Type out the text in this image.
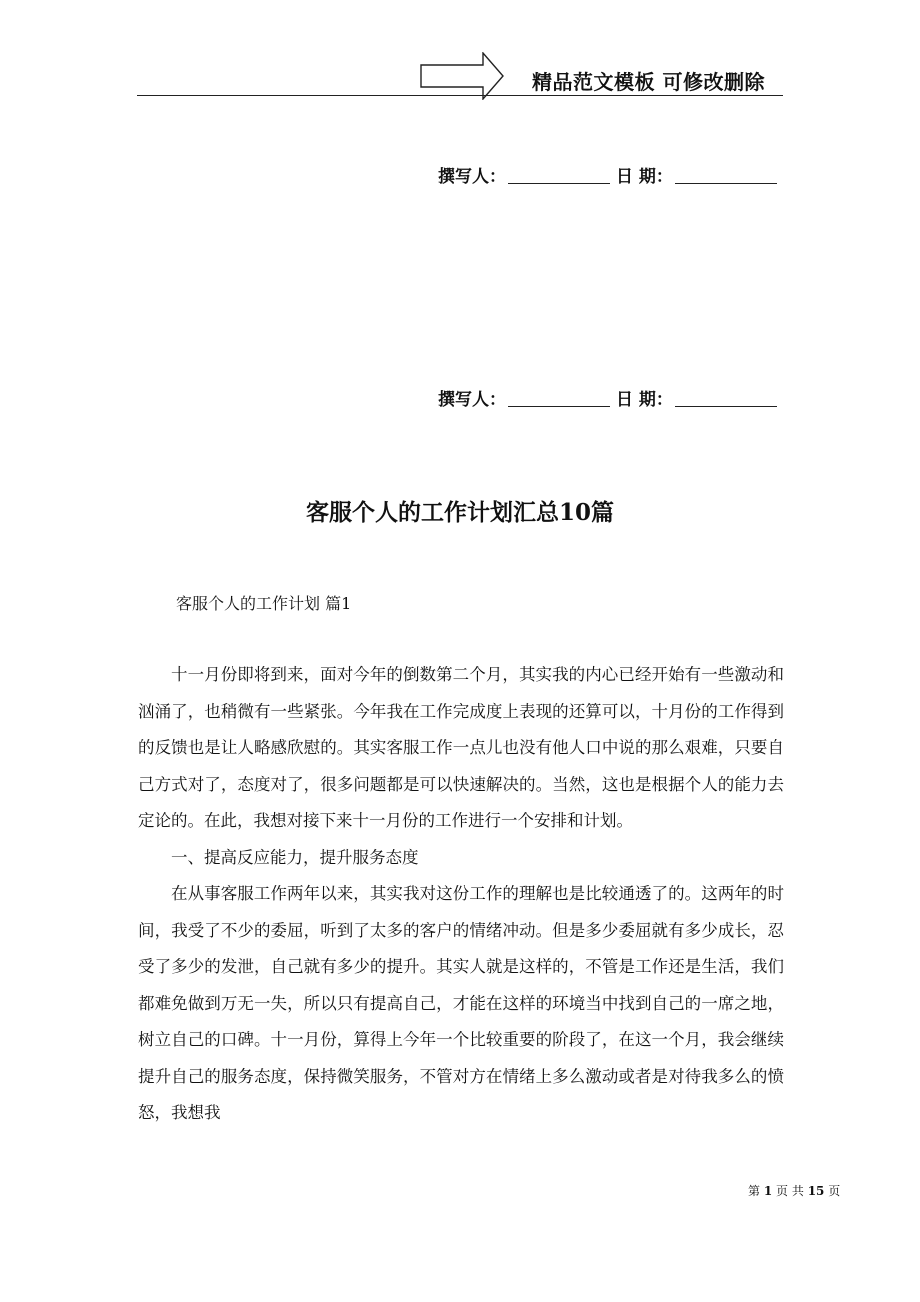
精品范文模板 可修改删除
撰写人：	日 期：
撰写人：	日 期：
客服个人的工作计划汇总10篇
客服个人的工作计划 篇1

十一月份即将到来，面对今年的倒数第二个月，其实我的内心已经开始有一些激动和汹涌了，也稍微有一些紧张。今年我在工作完成度上表现的还算可以，十月份的工作得到的反馈也是让人略感欣慰的。其实客服工作一点儿也没有他人口中说的那么艰难，只要自己方式对了，态度对了，很多问题都是可以快速解决的。当然，这也是根据个人的能力去定论的。在此，我想对接下来十一月份的工作进行一个安排和计划。

一、提高反应能力，提升服务态度

在从事客服工作两年以来，其实我对这份工作的理解也是比较通透了的。这两年的时间，我受了不少的委屈，听到了太多的客户的情绪冲动。但是多少委屈就有多少成长，忍受了多少的发泄，自己就有多少的提升。其实人就是这样的，不管是工作还是生活，我们都难免做到万无一失，所以只有提高自己，才能在这样的环境当中找到自己的一席之地，树立自己的口碑。十一月份，算得上今年一个比较重要的阶段了，在这一个月，我会继续提升自己的服务态度，保持微笑服务，不管对方在情绪上多么激动或者是对待我多么的愤怒，我想我

第 1 页 共 15 页
